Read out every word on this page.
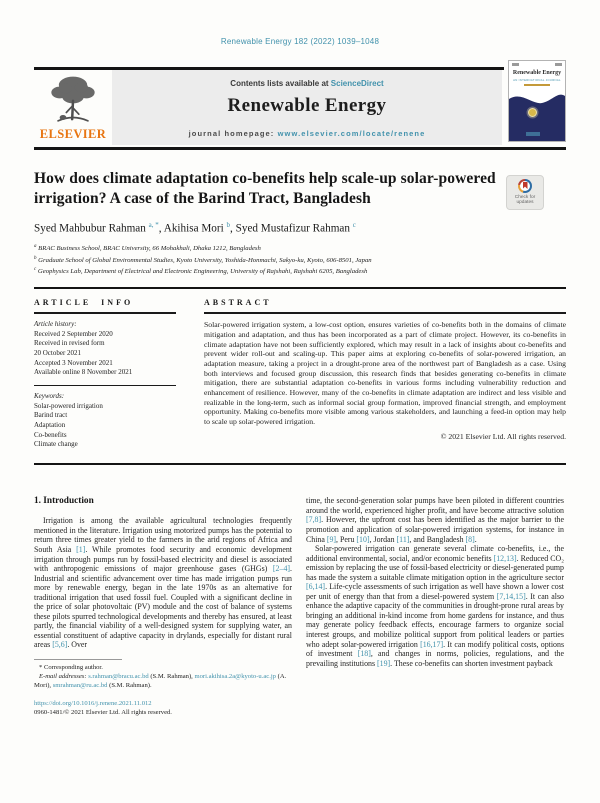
Renewable Energy 182 (2022) 1039–1048
ELSEVIER
Contents lists available at ScienceDirect
Renewable Energy
journal homepage: www.elsevier.com/locate/renene
Renewable Energy
AN INTERNATIONAL JOURNAL
How does climate adaptation co-benefits help scale-up solar-powered irrigation? A case of the Barind Tract, Bangladesh	Check for
updates
Syed Mahbubur Rahman $^{a, *}$, Akihisa Mori $^b$, Syed Mustafizur Rahman $^c$
$^a$ BRAC Business School, BRAC University, 66 Mohakhali, Dhaka 1212, Bangladesh
$^b$ Graduate School of Global Environmental Studies, Kyoto University, Yoshida-Honmachi, Sakyo-ku, Kyoto, 606-8501, Japan
$^c$ Geophysics Lab, Department of Electrical and Electronic Engineering, University of Rajshahi, Rajshahi 6205, Bangladesh
ARTICLE INFO
Article history:
Received 2 September 2020
Received in revised form
20 October 2021
Accepted 3 November 2021
Available online 8 November 2021
Keywords:
Solar-powered irrigation
Barind tract
Adaptation
Co-benefits
Climate change
ABSTRACT
Solar-powered irrigation system, a low-cost option, ensures varieties of co-benefits both in the domains of climate mitigation and adaptation, and thus has been incorporated as a part of climate project. However, its co-benefits in climate adaptation have not been sufficiently explored, which may result in a lack of insights about co-benefits and prevent wider roll-out and scaling-up. This paper aims at exploring co-benefits of solar-powered irrigation, an adaptation measure, taking a project in a drought-prone area of the northwest part of Bangladesh as a case. Using both interviews and focused group discussion, this research finds that besides generating co-benefits in climate mitigation, there are substantial adaptation co-benefits in various forms including vulnerability reduction and enhancement of resilience. However, many of the co-benefits in climate adaptation are indirect and less visible and realizable in the long-term, such as informal social group formation, improved financial strength, and employment opportunity. Making co-benefits more visible among various stakeholders, and launching a feed-in option may help to scale up solar-powered irrigation.
© 2021 Elsevier Ltd. All rights reserved.
1. Introduction

Irrigation is among the available agricultural technologies frequently mentioned in the literature. Irrigation using motorized pumps has the potential to return three times greater yield to the farmers in the arid regions of Africa and South Asia [1]. While promotes food security and economic development irrigation through pumps run by fossil-based electricity and diesel is associated with anthropogenic emissions of major greenhouse gases (GHGs) [2–4]. Industrial and scientific advancement over time has made irrigation pumps run more by renewable energy, began in the late 1970s as an alternative for traditional irrigation that used fossil fuel. Coupled with a significant decline in the price of solar photovoltaic (PV) module and the cost of balance of systems these pilots spurred technological developments and thereby has ensured, at least partly, the financial viability of a well-designed system for supplying water, an essential constituent of adaptive capacity in drylands, especially for distant rural areas [5,6]. Over

* Corresponding author.
E-mail addresses: s.rahman@bracu.ac.bd (S.M. Rahman), mori.akihisa.2a@kyoto-u.ac.jp (A. Mori), smrahman@ru.ac.bd (S.M. Rahman).
https://doi.org/10.1016/j.renene.2021.11.012
0960-1481/© 2021 Elsevier Ltd. All rights reserved.

time, the second-generation solar pumps have been piloted in different countries around the world, experienced higher profit, and have become attractive solution [7,8]. However, the upfront cost has been identified as the major barrier to the promotion and application of solar-powered irrigation systems, for instance in China [9], Peru [10], Jordan [11], and Bangladesh [8].

Solar-powered irrigation can generate several climate co-benefits, i.e., the additional environmental, social, and/or economic benefits [12,13]. Reduced CO₂ emission by replacing the use of fossil-based electricity or diesel-generated pump has made the system a suitable climate mitigation option in the agriculture sector [6,14]. Life-cycle assessments of such irrigation as well have shown a lower cost per unit of energy than that from a diesel-powered system [7,14,15]. It can also enhance the adaptive capacity of the communities in drought-prone rural areas by bringing an additional in-kind income from home gardens for instance, and thus may generate policy feedback effects, encourage farmers to organize social interest groups, and mobilize political support from political leaders or parties who adept solar-powered irrigation [16,17]. It can modify political costs, options of investment [18], and changes in norms, policies, regulations, and the prevailing institutions [19]. These co-benefits can shorten investment payback
